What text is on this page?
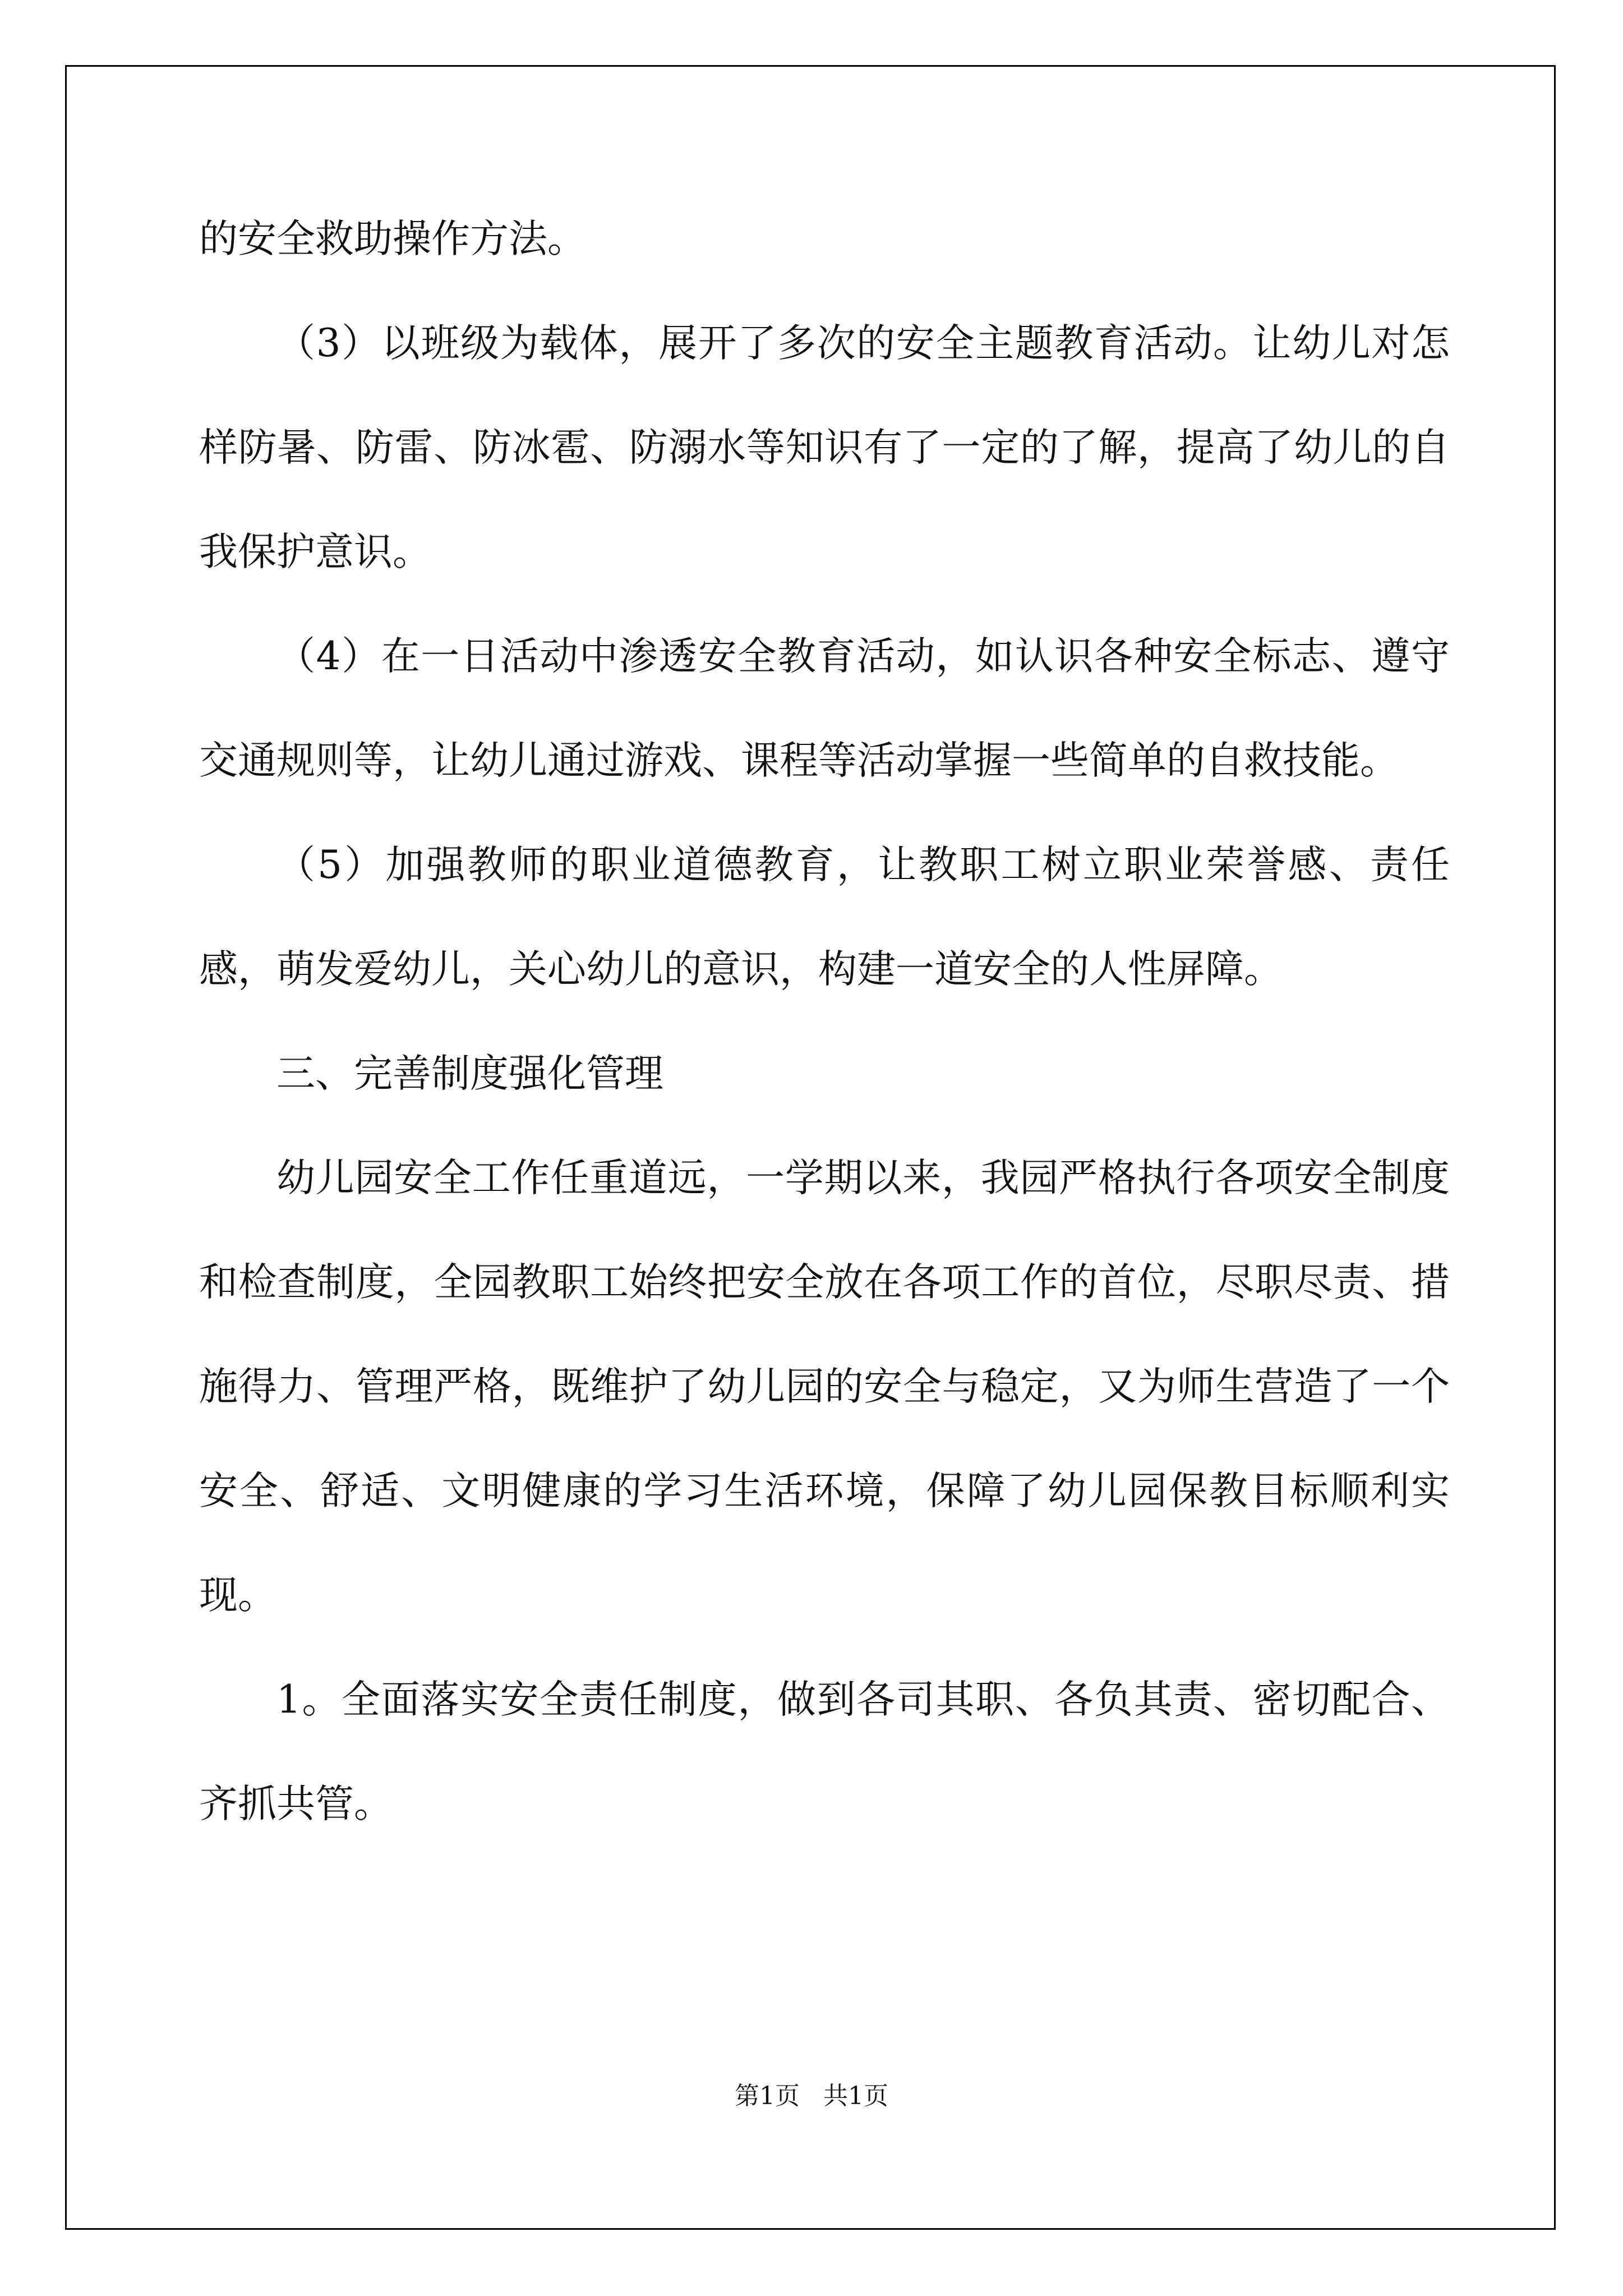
的安全救助操作方法。

（3）以班级为载体，展开了多次的安全主题教育活动。让幼儿对怎样防暑、防雷、防冰雹、防溺水等知识有了一定的了解，提高了幼儿的自我保护意识。

（4）在一日活动中渗透安全教育活动，如认识各种安全标志、遵守交通规则等，让幼儿通过游戏、课程等活动掌握一些简单的自救技能。

（5）加强教师的职业道德教育，让教职工树立职业荣誉感、责任感，萌发爱幼儿，关心幼儿的意识，构建一道安全的人性屏障。

三、完善制度强化管理

幼儿园安全工作任重道远，一学期以来，我园严格执行各项安全制度和检查制度，全园教职工始终把安全放在各项工作的首位，尽职尽责、措施得力、管理严格，既维护了幼儿园的安全与稳定，又为师生营造了一个安全、舒适、文明健康的学习生活环境，保障了幼儿园保教目标顺利实现。

1。全面落实安全责任制度，做到各司其职、各负其责、密切配合、齐抓共管。

第1页   共1页
